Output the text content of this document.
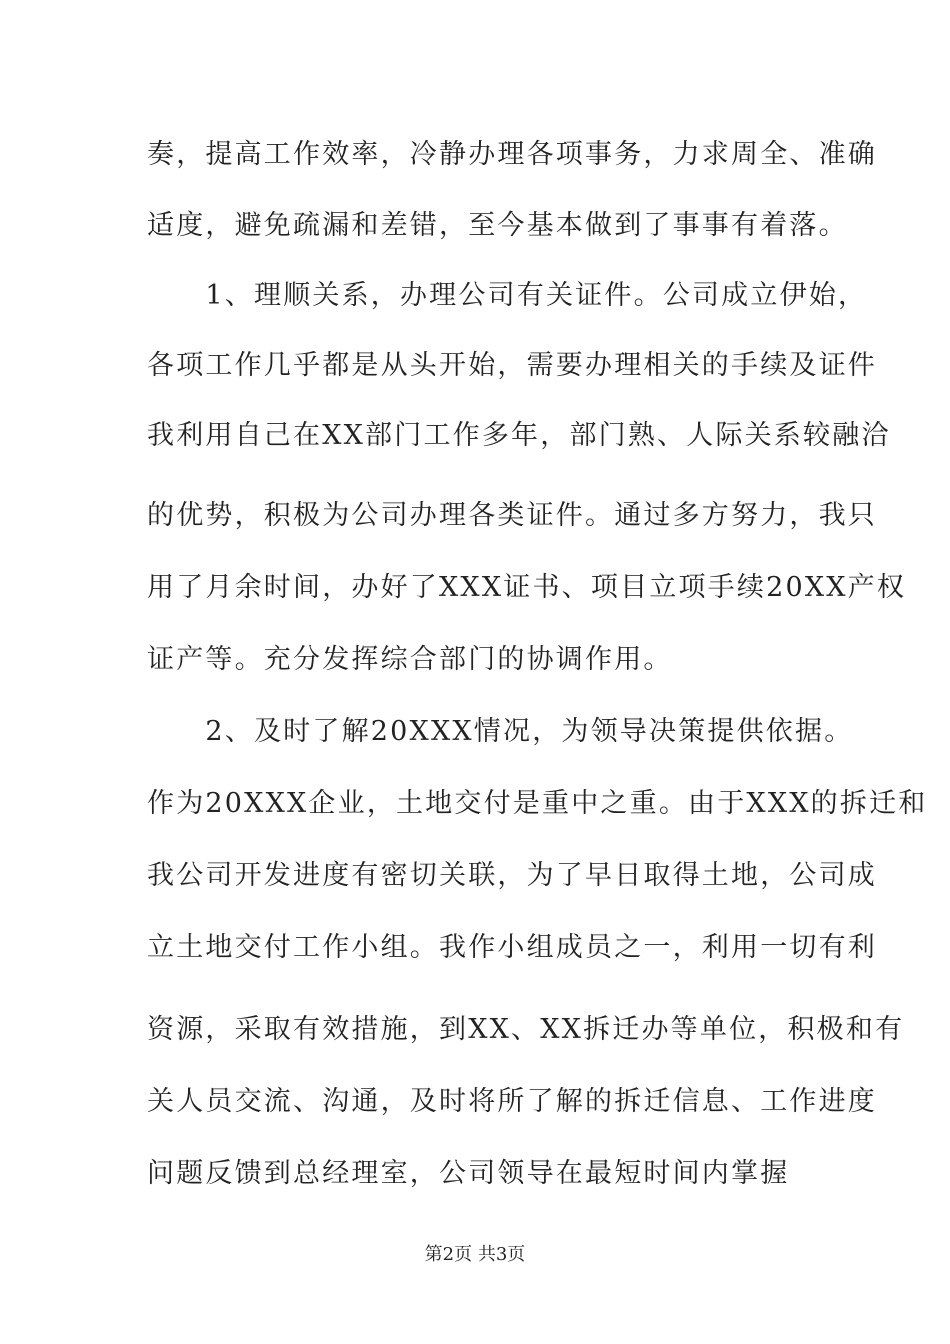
奏，提高工作效率，冷静办理各项事务，力求周全、准确
适度，避免疏漏和差错，至今基本做到了事事有着落。
　　1、理顺关系，办理公司有关证件。公司成立伊始，
各项工作几乎都是从头开始，需要办理相关的手续及证件
我利用自己在XX部门工作多年，部门熟、人际关系较融洽
的优势，积极为公司办理各类证件。通过多方努力，我只
用了月余时间，办好了XXX证书、项目立项手续20XX产权
证产等。充分发挥综合部门的协调作用。
　　2、及时了解20XXX情况，为领导决策提供依据。
作为20XXX企业，土地交付是重中之重。由于XXX的拆迁和
我公司开发进度有密切关联，为了早日取得土地，公司成
立土地交付工作小组。我作小组成员之一，利用一切有利
资源，采取有效措施，到XX、XX拆迁办等单位，积极和有
关人员交流、沟通，及时将所了解的拆迁信息、工作进度
问题反馈到总经理室，公司领导在最短时间内掌握
第2页 共3页
